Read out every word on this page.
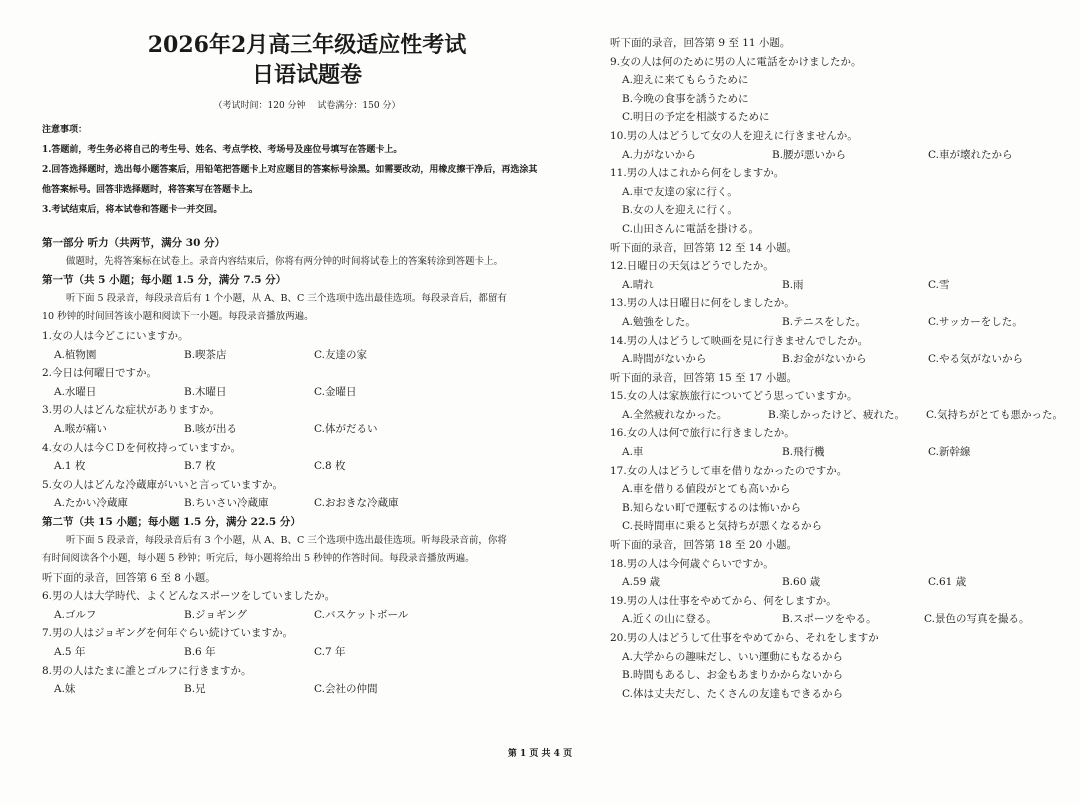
2026年2月高三年级适应性考试
日语试题卷
（考试时间：120 分钟　 试卷满分：150 分）
注意事项：
1.答题前，考生务必将自己的考生号、姓名、考点学校、考场号及座位号填写在答题卡上。
2.回答选择题时，选出每小题答案后，用铅笔把答题卡上对应题目的答案标号涂黑。如需要改动，用橡皮擦干净后，再选涂其
他答案标号。回答非选择题时，将答案写在答题卡上。
3.考试结束后，将本试卷和答题卡一并交回。
第一部分 听力（共两节，满分 30 分）
做题时，先将答案标在试卷上。录音内容结束后，你将有两分钟的时间将试卷上的答案转涂到答题卡上。
第一节（共 5 小题；每小题 1.5 分，满分 7.5 分）
听下面 5 段录音，每段录音后有 1 个小题，从 A、B、C 三个选项中选出最佳选项。每段录音后，都留有
10 秒钟的时间回答该小题和阅读下一小题。每段录音播放两遍。
1.女の人は今どこにいますか。
A.植物園	B.喫茶店	C.友達の家
2.今日は何曜日ですか。
A.水曜日	B.木曜日	C.金曜日
3.男の人はどんな症状がありますか。
A.喉が痛い	B.咳が出る	C.体がだるい
4.女の人は今ＣＤを何枚持っていますか。
A.1 枚	B.7 枚	C.8 枚
5.女の人はどんな冷蔵庫がいいと言っていますか。
A.たかい冷蔵庫	B.ちいさい冷蔵庫	C.おおきな冷蔵庫
第二节（共 15 小题；每小题 1.5 分，满分 22.5 分）
听下面 5 段录音，每段录音后有 3 个小题，从 A、B、C 三个选项中选出最佳选项。听每段录音前，你将
有时间阅读各个小题，每小题 5 秒钟；听完后，每小题将给出 5 秒钟的作答时间。每段录音播放两遍。
听下面的录音，回答第 6 至 8 小题。
6.男の人は大学時代、よくどんなスポーツをしていましたか。
A.ゴルフ	B.ジョギング	C.バスケットボール
7.男の人はジョギングを何年ぐらい続けていますか。
A.5 年	B.6 年	C.7 年
8.男の人はたまに誰とゴルフに行きますか。
A.妹	B.兄	C.会社の仲間
听下面的录音，回答第 9 至 11 小题。
9.女の人は何のために男の人に電話をかけましたか。
A.迎えに来てもらうために
B.今晩の食事を誘うために
C.明日の予定を相談するために
10.男の人はどうして女の人を迎えに行きませんか。
A.力がないから	B.腰が悪いから	C.車が壊れたから
11.男の人はこれから何をしますか。
A.車で友達の家に行く。
B.女の人を迎えに行く。
C.山田さんに電話を掛ける。
听下面的录音，回答第 12 至 14 小题。
12.日曜日の天気はどうでしたか。
A.晴れ	B.雨	C.雪
13.男の人は日曜日に何をしましたか。
A.勉強をした。	B.テニスをした。	C.サッカーをした。
14.男の人はどうして映画を見に行きませんでしたか。
A.時間がないから	B.お金がないから	C.やる気がないから
听下面的录音，回答第 15 至 17 小题。
15.女の人は家族旅行についてどう思っていますか。
A.全然疲れなかった。	B.楽しかったけど、疲れた。 C.気持ちがとても悪かった。
16.女の人は何で旅行に行きましたか。
A.車	B.飛行機	C.新幹線
17.女の人はどうして車を借りなかったのですか。
A.車を借りる値段がとても高いから
B.知らない町で運転するのは怖いから
C.長時間車に乗ると気持ちが悪くなるから
听下面的录音，回答第 18 至 20 小题。
18.男の人は今何歳ぐらいですか。
A.59 歳	B.60 歳	C.61 歳
19.男の人は仕事をやめてから、何をしますか。
A.近くの山に登る。	B.スポーツをやる。	C.景色の写真を撮る。
20.男の人はどうして仕事をやめてから、それをしますか
A.大学からの趣味だし、いい運動にもなるから
B.時間もあるし、お金もあまりかからないから
C.体は丈夫だし、たくさんの友達もできるから
第 1 页 共 4 页
